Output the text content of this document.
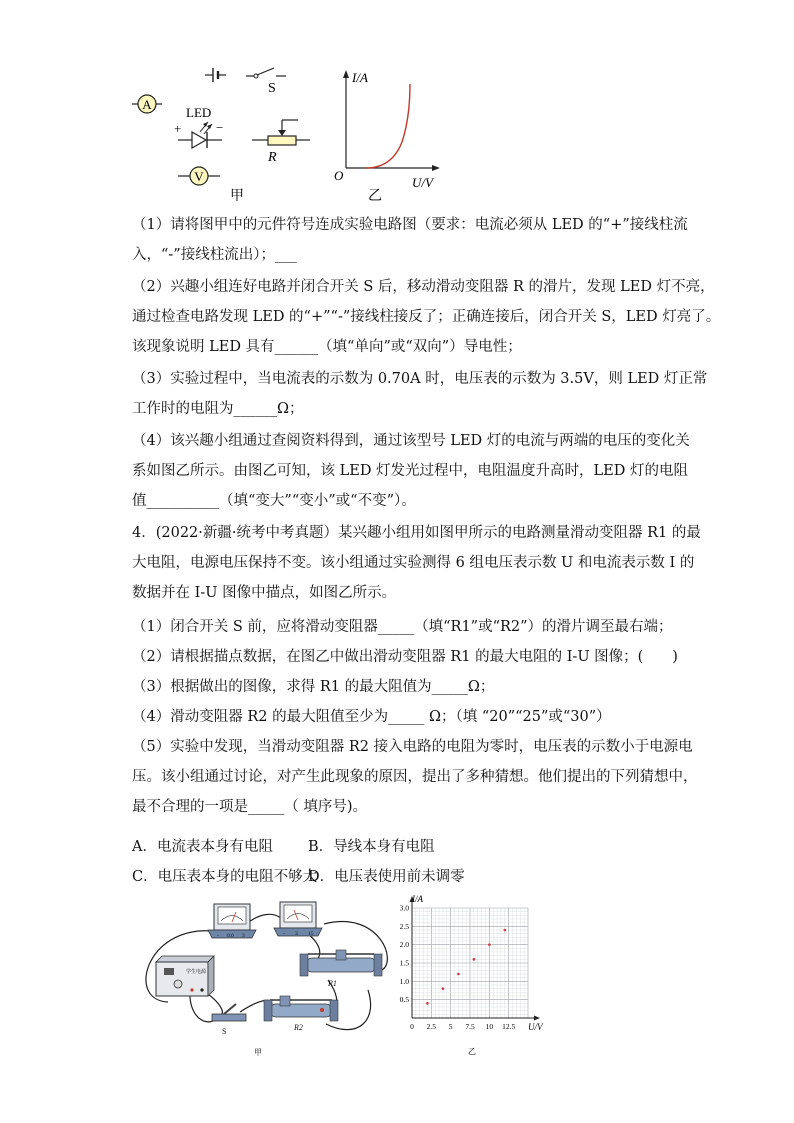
A
S
LED
+	−
R
V
甲
I/A
U/V
O
乙
（1）请将图甲中的元件符号连成实验电路图（要求：电流必须从 LED 的“+”接线柱流
入，“-”接线柱流出）；___
（2）兴趣小组连好电路并闭合开关 S 后，移动滑动变阻器 R 的滑片，发现 LED 灯不亮，
通过检查电路发现 LED 的“+”“-”接线柱接反了；正确连接后，闭合开关 S，LED 灯亮了。
该现象说明 LED 具有______（填“单向”或“双向”）导电性；
（3）实验过程中，当电流表的示数为 0.70A 时，电压表的示数为 3.5V，则 LED 灯正常
工作时的电阻为______Ω；
（4）该兴趣小组通过查阅资料得到，通过该型号 LED 灯的电流与两端的电压的变化关
系如图乙所示。由图乙可知，该 LED 灯发光过程中，电阻温度升高时，LED 灯的电阻
值__________（填“变大”“变小”或“不变”）。
4．(2022·新疆·统考中考真题）某兴趣小组用如图甲所示的电路测量滑动变阻器 R1 的最
大电阻，电源电压保持不变。该小组通过实验测得 6 组电压表示数 U 和电流表示数 I 的
数据并在 I-U 图像中描点，如图乙所示。
（1）闭合开关 S 前，应将滑动变阻器_____（填“R1”或“R2”）的滑片调至最右端；
（2）请根据描点数据，在图乙中做出滑动变阻器 R1 的最大电阻的 I-U 图像；(　　)
（3）根据做出的图像，求得 R1 的最大阻值为_____Ω；
（4）滑动变阻器 R2 的最大阻值至少为_____ Ω；（填 “20”“25”或“30”）
（5）实验中发现，当滑动变阻器 R2 接入电路的电阻为零时，电压表的示数小于电源电
压。该小组通过讨论，对产生此现象的原因，提出了多种猜想。他们提出的下列猜想中，
最不合理的一项是_____（ 填序号)。
A．电流表本身有电阻 B．导线本身有电阻
C．电压表本身的电阻不够大
D．电压表使用前未调零
- 0.6 3	- 3 15
学生电源
S
R1
R2
甲
0 2.5 5 7.5 10 12.5
0.5
1.0
1.5
2.0
2.5
3.0
I/A
U/V
乙
